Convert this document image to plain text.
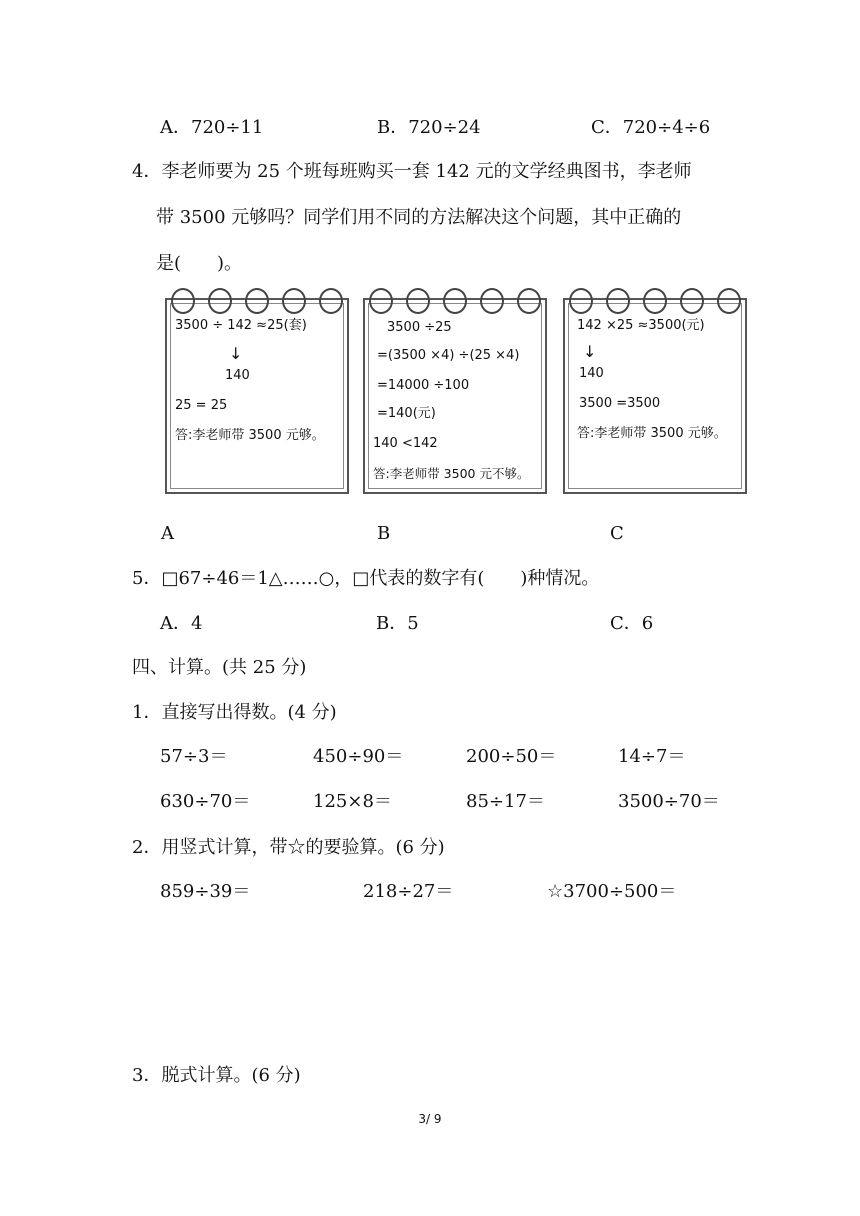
A．720÷11	B．720÷24	C．720÷4÷6
4．李老师要为 25 个班每班购买一套 142 元的文学经典图书，李老师
带 3500 元够吗？同学们用不同的方法解决这个问题，其中正确的
是(　　)。
3500 ÷ 142 ≈25(套)
↓
140
25 = 25
答:李老师带 3500 元够。
3500 ÷25
=(3500 ×4) ÷(25 ×4)
=14000 ÷100
=140(元)
140 <142
答:李老师带 3500 元不够。
142 ×25 ≈3500(元)
↓
140
3500 =3500
答:李老师带 3500 元够。
A	B	C
5．□67÷46＝1△……○，□代表的数字有(　　)种情况。
A．4	B．5	C．6
四、计算。(共 25 分)
1．直接写出得数。(4 分)
57÷3＝	450÷90＝	200÷50＝	14÷7＝
630÷70＝	125×8＝	85÷17＝	3500÷70＝
2．用竖式计算，带☆的要验算。(6 分)
859÷39＝	218÷27＝	☆3700÷500＝
3．脱式计算。(6 分)
3/ 9
